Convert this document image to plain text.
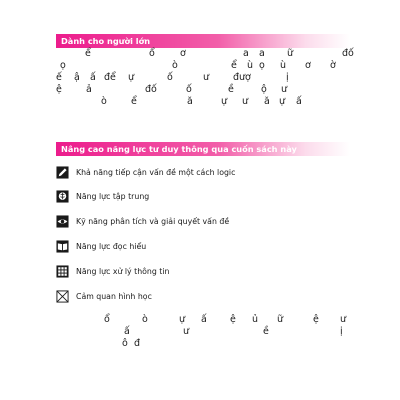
Dành cho người lớn
ể	ổ	ơ	a a ữ	đố
ọ	ò	ể ù ọ ù ơ ờ
ế ậ ấ để ự	ố	ư	đượ	ị
ệ	ả	đố	ố	ề	ộ ư
ò	ể	ă	ự ư ă ự ấ
Nâng cao năng lực tư duy thông qua cuốn sách này
Khả năng tiếp cận vấn đề một cách logic
Năng lực tập trung
Kỹ năng phân tích và giải quyết vấn đề
Năng lực đọc hiểu
Năng lực xử lý thông tin
Cảm quan hình học
ổ	ò	ự ấ ệ ủ ữ	ệ ư
ấ	ư	ề	ị
ô đ
